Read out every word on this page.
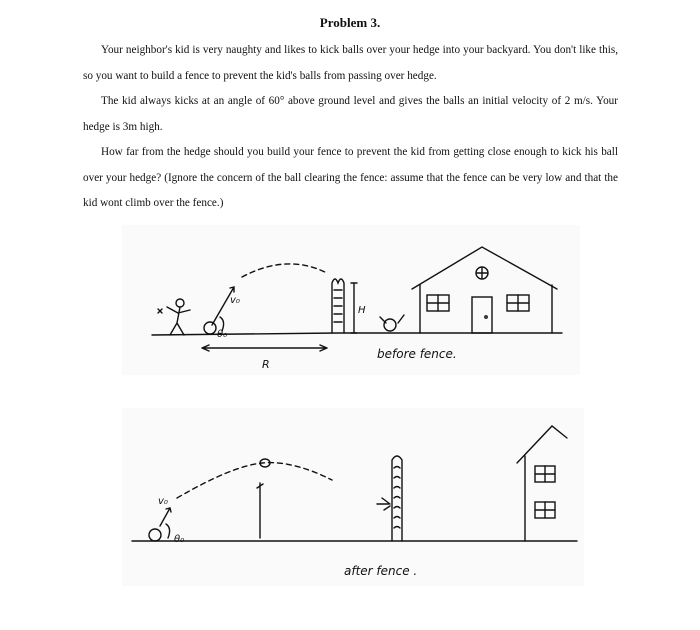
Problem 3.
Your neighbor's kid is very naughty and likes to kick balls over your hedge into your backyard. You don't like this, so you want to build a fence to prevent the kid's balls from passing over hedge.
The kid always kicks at an angle of 60° above ground level and gives the balls an initial velocity of 2 m/s. Your hedge is 3m high.
How far from the hedge should you build your fence to prevent the kid from getting close enough to kick his ball over your hedge? (Ignore the concern of the ball clearing the fence: assume that the fence can be very low and that the kid wont climb over the fence.)
θ₀
v₀
H
R
before fence.
v₀
θ₀
after fence .
